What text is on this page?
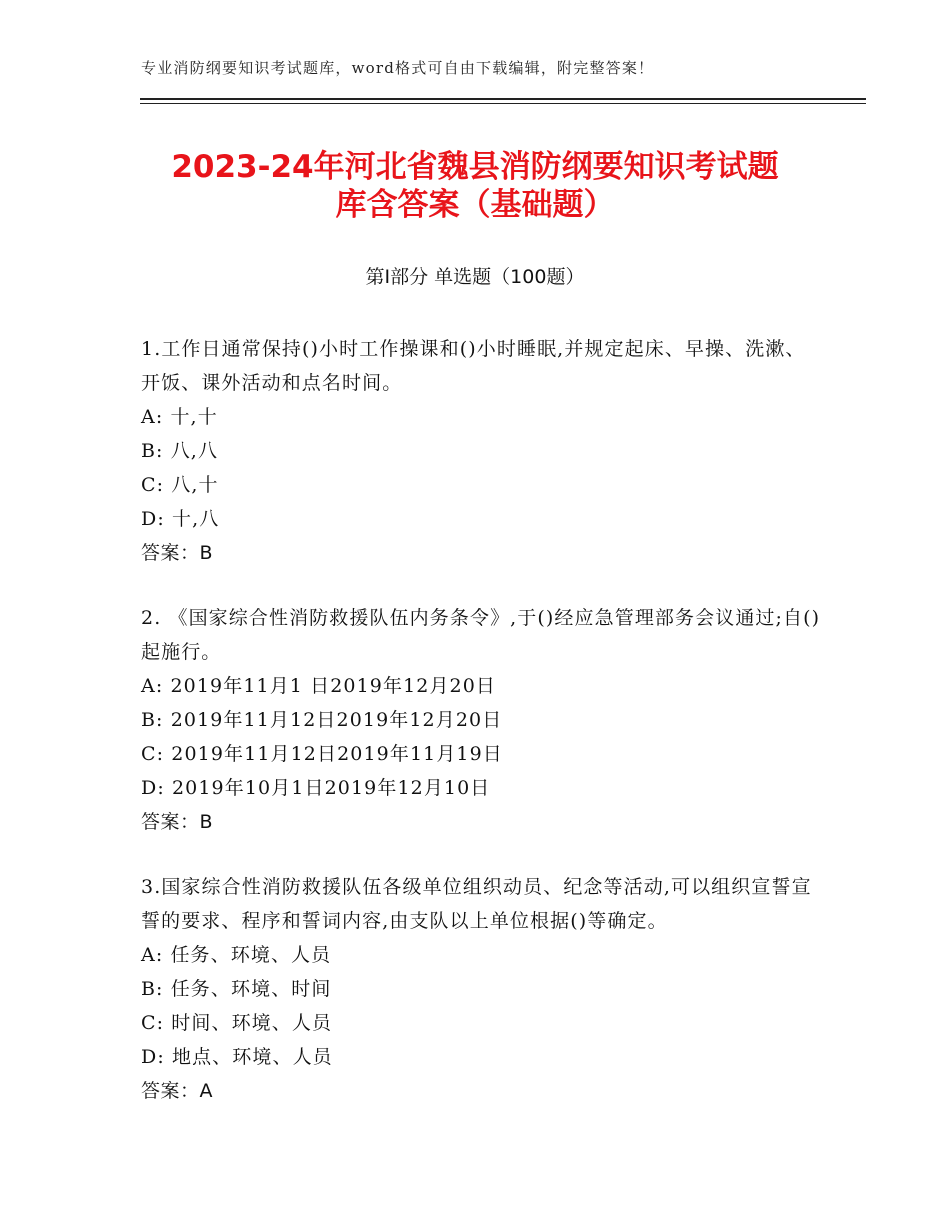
专业消防纲要知识考试题库，word格式可自由下载编辑，附完整答案！
2023-24年河北省魏县消防纲要知识考试题
库含答案（基础题）
第Ⅰ部分 单选题（100题）
1.工作日通常保持()小时工作操课和()小时睡眠,并规定起床、早操、洗漱、开饭、课外活动和点名时间。
A: 十,十
B: 八,八
C: 八,十
D: 十,八
答案：B
2. 《国家综合性消防救援队伍内务条令》,于()经应急管理部务会议通过;自()起施行。
A: 2019年11月1 日2019年12月20日
B: 2019年11月12日2019年12月20日
C: 2019年11月12日2019年11月19日
D: 2019年10月1日2019年12月10日
答案：B
3.国家综合性消防救援队伍各级单位组织动员、纪念等活动,可以组织宣誓宣誓的要求、程序和誓词内容,由支队以上单位根据()等确定。
A: 任务、环境、人员
B: 任务、环境、时间
C: 时间、环境、人员
D: 地点、环境、人员
答案：A
